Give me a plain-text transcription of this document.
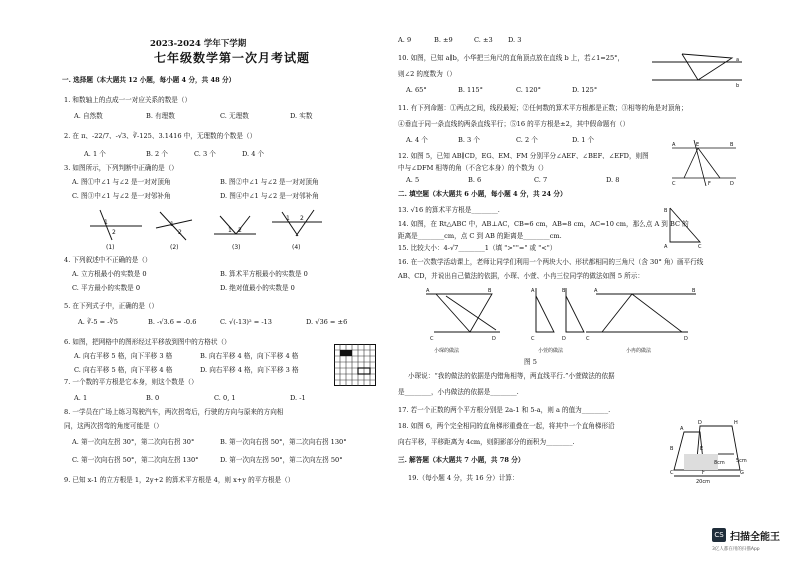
2023-2024 学年下学期
七年级数学第一次月考试题
一. 选择题（本大题共 12 小题，每小题 4 分，共 48 分）
1. 和数轴上的点成一一对应关系的数是（）
A. 自然数	B. 有理数	C. 无理数	D. 实数
2. 在 π、-22/7、-√3、∛-125、3.1416 中，无理数的个数是（）
A. 1 个	B. 2 个	C. 3 个	D. 4 个
3. 如图所示，下列判断中正确的是（）
A. 图①中∠1 与∠2 是一对对顶角	B. 图②中∠1 与∠2 是一对对顶角
C. 图③中∠1 与∠2 是一对邻补角	D. 图④中∠1 与∠2 是一对邻补角
1
2
1
2	1 2
1 2
(1)	(2)	(3)	(4)
4. 下列叙述中不正确的是（）
A. 立方根最小的实数是 0	B. 算术平方根最小的实数是 0
C. 平方最小的实数是 0	D. 绝对值最小的实数是 0
5. 在下列式子中，正确的是（）
A. ∛-5 = -∛5	B. -√3.6 = -0.6	C. √(-13)² = -13	D. √36 = ±6
6. 如图，把网格中的图形经过平移放到图中的方格状（）
A. 向右平移 5 格，向下平移 3 格	B. 向右平移 4 格，向下平移 4 格
C. 向右平移 5 格，向下平移 4 格	D. 向右平移 4 格，向下平移 3 格
7. 一个数的平方根是它本身，则这个数是（）
A. 1	B. 0	C. 0, 1	D. -1
8. 一学员在广场上练习驾驶汽车，两次拐弯后，行驶的方向与原来的方向相
同，这两次拐弯的角度可能是（）
A. 第一次向左拐 30°，第二次向右拐 30°	B. 第一次向右拐 50°，第二次向右拐 130°
C. 第一次向右拐 50°，第二次向左拐 130°	D. 第一次向左拐 50°，第二次向左拐 50°
9. 已知 x-1 的立方根是 1，2y+2 的算术平方根是 4，则 x+y 的平方根是（）
A. 9	B. ±9	C. ±3 D. 3
10. 如图，已知 a∥b，小华把三角尺的直角顶点放在直线 b 上，若∠1=25°，
则∠2 的度数为（）
A. 65°	B. 115°	C. 120°	D. 125°
a
b
11. 有下列命题：①两点之间，线段最短；②任何数的算术平方根都是正数；③相等的角是对顶角；
④垂直于同一条直线的两条直线平行；⑤16 的平方根是±2，其中假命题有（）
A. 4 个	B. 3 个	C. 2 个	D. 1 个
12. 如图 5，已知 AB∥CD，EG、EM、FM 分别平分∠AEF、∠BEF、∠EFD，则图
中与∠DFM 相等的角（不含它本身）的个数为（）
A. 5	B. 6	C. 7	D. 8
A	E	B
C	F	D
二. 填空题（本大题共 6 小题，每小题 4 分，共 24 分）
13. √16 的算术平方根是________.
14. 如图，在 Rt△ABC 中，AB⊥AC，CB=6 cm，AB=8 cm，AC=10 cm，那么点 A 到 BC 的
距离是________cm，点 C 到 AB 的距离是________cm.
B
A	C
15. 比较大小：4-√7________1（填 ">""=" 或 "<"）
16. 在一次数学活动课上，老师让同学们利用一个两块大小、形状都相同的三角尺（含 30° 角）画平行线
AB、CD，并说出自己做法的依据，小琛、小萱、小冉三位同学的做法如图 5 所示：
A	B
C	D
A	B
C	D
A	B
C	D
小琛的做法	小萱的做法	小冉的做法
图 5
小琛说：“我的做法的依据是内错角相等，两直线平行.”小萱做法的依据
是________，小冉做法的依据是________.
17. 若一个正数的两个平方根分别是 2a-1 和 5-a，则 a 的值为________.
18. 如图 6，两个完全相同的直角梯形重叠在一起，将其中一个直角梯形沿
向右平移，平移距离为 4cm，则阴影部分的面积为________.
A
D	H
B	E
C	F	G
8cm 5cm
20cm
三. 解答题（本大题共 7 小题，共 78 分）
19.（每小题 4 分，共 16 分）计算：
CS 扫描全能王
3亿人都在用的扫描App
